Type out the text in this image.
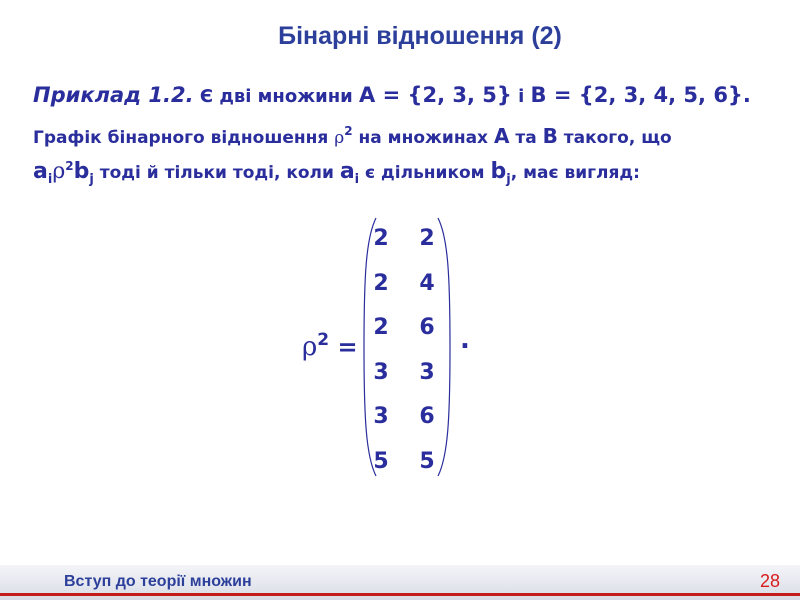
Бінарні відношення (2)
Приклад 1.2. Є дві множини A = {2, 3, 5} і B = {2, 3, 4, 5, 6}.
Графік бінарного відношення $\rho^2$ на множинах A та B такого, що
$a_i\rho^2b_j$ тоді й тільки тоді, коли $a_i$ є дільником $b_j$, має вигляд:
$\rho^2$ =
2	2
2	4
2	6
3	3
3	6
5	5
.
Вступ до теорії множин	28
